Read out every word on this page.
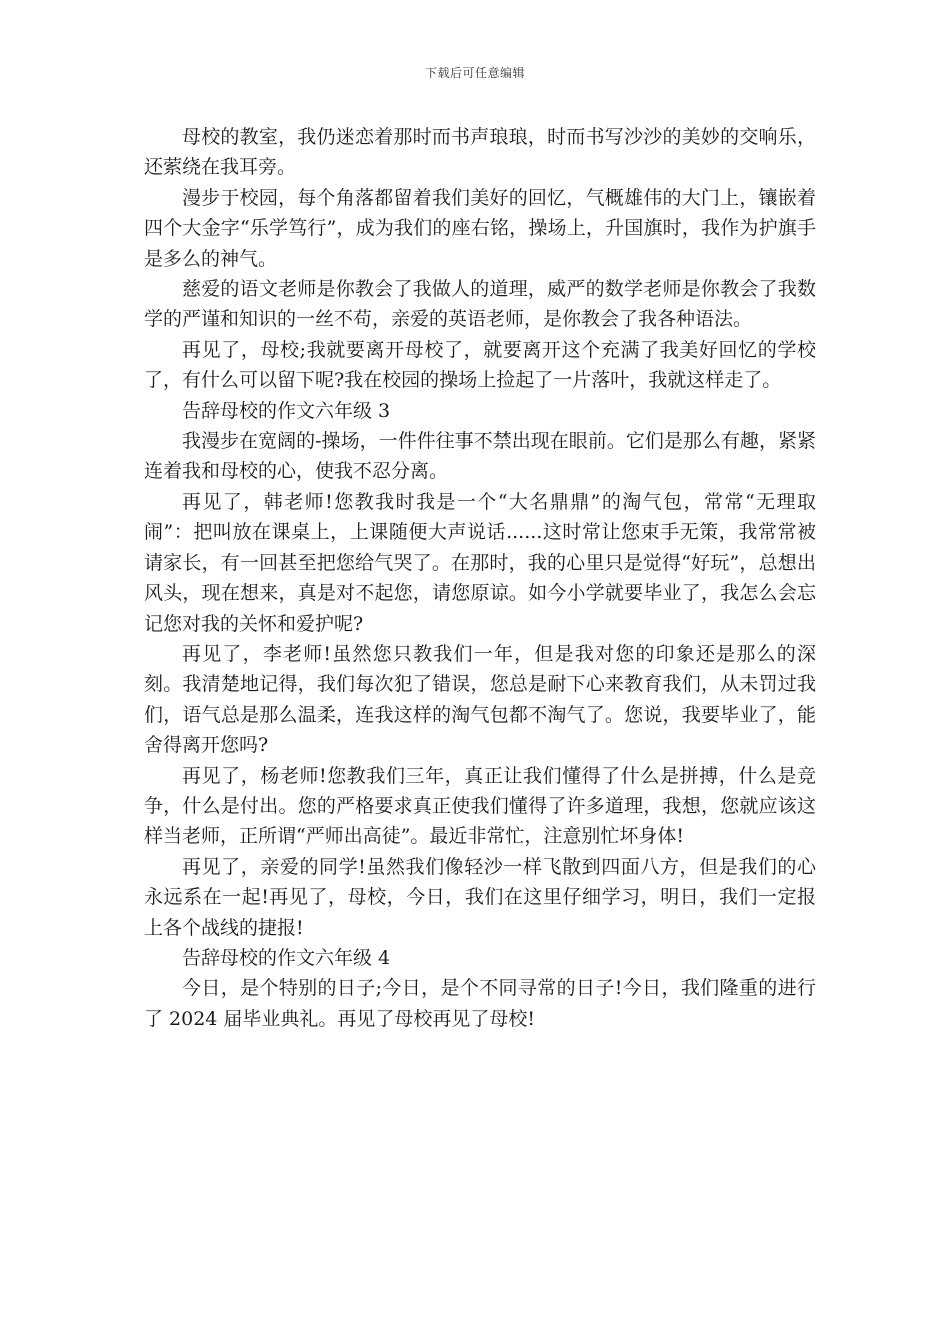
下载后可任意编辑

母校的教室，我仍迷恋着那时而书声琅琅，时而书写沙沙的美妙的交响乐，还萦绕在我耳旁。

漫步于校园，每个角落都留着我们美好的回忆，气概雄伟的大门上，镶嵌着四个大金字“乐学笃行”，成为我们的座右铭，操场上，升国旗时，我作为护旗手是多么的神气。

慈爱的语文老师是你教会了我做人的道理，威严的数学老师是你教会了我数学的严谨和知识的一丝不苟，亲爱的英语老师，是你教会了我各种语法。

再见了，母校;我就要离开母校了，就要离开这个充满了我美好回忆的学校了，有什么可以留下呢?我在校园的操场上捡起了一片落叶，我就这样走了。

告辞母校的作文六年级 3

我漫步在宽阔的-操场，一件件往事不禁出现在眼前。它们是那么有趣，紧紧连着我和母校的心，使我不忍分离。

再见了，韩老师!您教我时我是一个“大名鼎鼎”的淘气包，常常“无理取闹”：把叫放在课桌上，上课随便大声说话......这时常让您束手无策，我常常被请家长，有一回甚至把您给气哭了。在那时，我的心里只是觉得“好玩”，总想出风头，现在想来，真是对不起您，请您原谅。如今小学就要毕业了，我怎么会忘记您对我的关怀和爱护呢?

再见了，李老师!虽然您只教我们一年，但是我对您的印象还是那么的深刻。我清楚地记得，我们每次犯了错误，您总是耐下心来教育我们，从未罚过我们，语气总是那么温柔，连我这样的淘气包都不淘气了。您说，我要毕业了，能舍得离开您吗?

再见了，杨老师!您教我们三年，真正让我们懂得了什么是拼搏，什么是竞争，什么是付出。您的严格要求真正使我们懂得了许多道理，我想，您就应该这样当老师，正所谓“严师出高徒”。最近非常忙，注意别忙坏身体!

再见了，亲爱的同学!虽然我们像轻沙一样飞散到四面八方，但是我们的心永远系在一起!再见了，母校，今日，我们在这里仔细学习，明日，我们一定报上各个战线的捷报!

告辞母校的作文六年级 4

今日，是个特别的日子;今日，是个不同寻常的日子!今日，我们隆重的进行了 2024 届毕业典礼。再见了母校再见了母校!
